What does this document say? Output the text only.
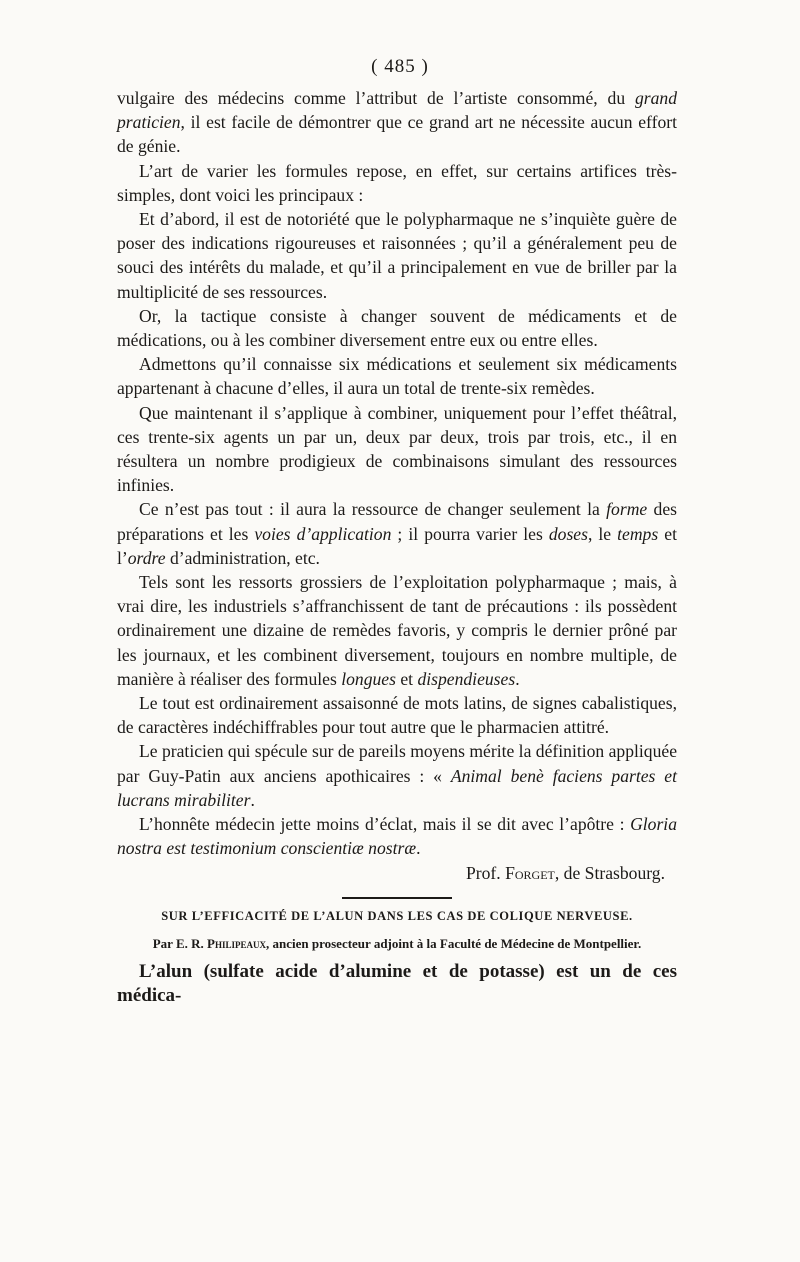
( 485 )

vulgaire des médecins comme l’attribut de l’artiste consommé, du grand praticien, il est facile de démontrer que ce grand art ne nécessite aucun effort de génie.

L’art de varier les formules repose, en effet, sur certains artifices très-simples, dont voici les principaux :

Et d’abord, il est de notoriété que le polypharmaque ne s’inquiète guère de poser des indications rigoureuses et raisonnées ; qu’il a généralement peu de souci des intérêts du malade, et qu’il a principalement en vue de briller par la multiplicité de ses ressources.

Or, la tactique consiste à changer souvent de médicaments et de médications, ou à les combiner diversement entre eux ou entre elles.

Admettons qu’il connaisse six médications et seulement six médicaments appartenant à chacune d’elles, il aura un total de trente-six remèdes.

Que maintenant il s’applique à combiner, uniquement pour l’effet théâtral, ces trente-six agents un par un, deux par deux, trois par trois, etc., il en résultera un nombre prodigieux de combinaisons simulant des ressources infinies.

Ce n’est pas tout : il aura la ressource de changer seulement la forme des préparations et les voies d’application ; il pourra varier les doses, le temps et l’ordre d’administration, etc.

Tels sont les ressorts grossiers de l’exploitation polypharmaque ; mais, à vrai dire, les industriels s’affranchissent de tant de précautions : ils possèdent ordinairement une dizaine de remèdes favoris, y compris le dernier prôné par les journaux, et les combinent diversement, toujours en nombre multiple, de manière à réaliser des formules longues et dispendieuses.

Le tout est ordinairement assaisonné de mots latins, de signes cabalistiques, de caractères indéchiffrables pour tout autre que le pharmacien attitré.

Le praticien qui spécule sur de pareils moyens mérite la définition appliquée par Guy-Patin aux anciens apothicaires : « Animal benè faciens partes et lucrans mirabiliter.

L’honnête médecin jette moins d’éclat, mais il se dit avec l’apôtre : Gloria nostra est testimonium conscientiæ nostræ.

Prof. Forget, de Strasbourg.

SUR L’EFFICACITÉ DE L’ALUN DANS LES CAS DE COLIQUE NERVEUSE.
Par E. R. Philipeaux, ancien prosecteur adjoint à la Faculté de Médecine de Montpellier.

L’alun (sulfate acide d’alumine et de potasse) est un de ces médica-
